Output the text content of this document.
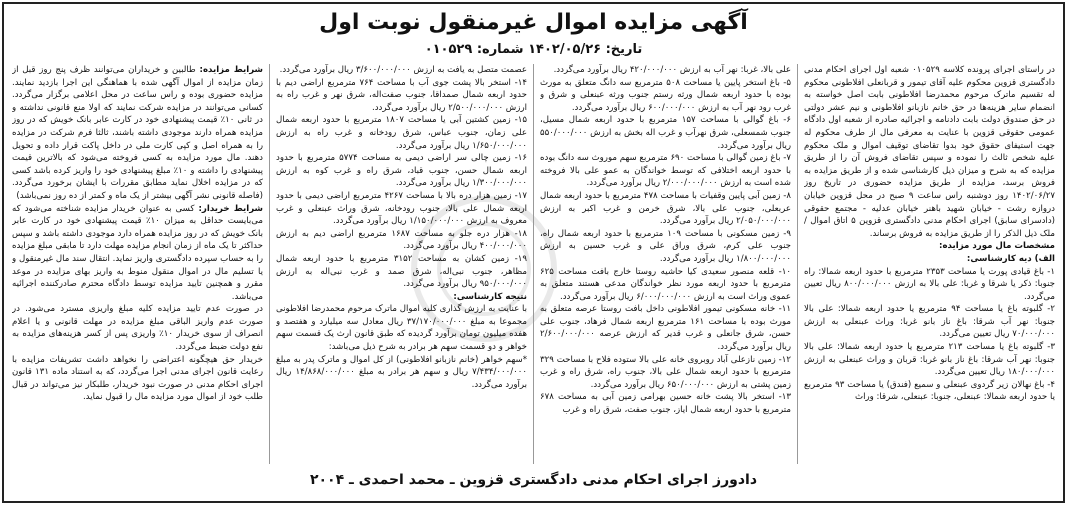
آگهی مزایده اموال غیرمنقول نوبت اول
تاریخ: ۱۴۰۲/۰۵/۲۶ شماره: ۰۱۰۵۲۹

در راستای اجرای پرونده کلاسه ۰۱۰۵۲۹ شعبه اول اجرای احکام مدنی دادگستری قزوین محکوم علیه آقای تیمور و قربانعلی افلاطونی محکوم له تقسیم ماترک مرحوم محمدرضا افلاطونی بابت اصل خواسته به انضمام سایر هزینه‌ها در حق خانم نازبانو افلاطونی و نیم عشر دولتی در حق صندوق دولت بابت دادنامه و اجرائیه صادره از شعبه اول دادگاه عمومی حقوقی قزوین با عنایت به معرفی مال از طرف محکوم له جهت استیفای حقوق خود بدوا تقاضای توقیف اموال و ملک محکوم علیه شخص ثالث را نموده و سپس تقاضای فروش آن را از طریق مزایده که به شرح و میزان ذیل کارشناسی شده و از طریق مزایده به فروش برسد، مزایده از طریق مزایده حضوری در تاریخ روز ۱۴۰۲/۰۶/۲۷ روز دوشنبه راس ساعت ۹ صبح در محل قزوین خیابان دروازه رشت - خیابان شهید باهنر خیابان عدلیه - مجتمع حقوقی (دادسرای سابق) اجرای احکام مدنی دادگستری قزوین ۵ اتاق اموال / ملک ذیل الذکر را از طریق مزایده به فروش برساند.

مشخصات مال مورد مزایده:

الف) دیه کارشناسی:

۱- باغ قیادی پورت یا مساحت ۲۳۵۳ مترمربع با حدود اربعه شمالا: راه جنوبا: ذکر یا شرقا و غربا: علی بالا به ارزش ۸۰۰/۰۰۰/۰۰۰ ریال تعیین می‌گردد.

۲- گلبوته باغ یا مساحت ۹۴ مترمربع یا حدود اربعه شمالا: علی بالا جنوبا: نهر آب شرقا: باغ ناز بانو غربا: وراث عبنعلی به ارزش ۷۰/۰۰۰/۰۰۰ ریال تعیین می‌گردد.

۳- گلبوته باغ یا مساحت ۲۱۳ مترمربع یا حدود اربعه شمالا: علی بالا جنوبا: نهر آب شرقا: باغ ناز بانو غربا: قربان و وراث عبنعلی به ارزش ۱۸۰/۰۰۰/۰۰۰ ریال تعیین می‌گردد.

۴- باغ نهالان زیر گردوی عبنعلی و سمیع (فندق) یا مساحت ۹۳ مترمربع یا حدود اربعه شمالا: عبنعلی، جنوبا: عبنعلی، شرقا: وراث

علی بالا، غربا: نهر آب به ارزش ۴۲۰/۰۰۰/۰۰۰ ریال برآورد می‌گردد.

۵- باغ استخر پایین یا مساحت ۵۰۸ مترمربع سه دانگ متعلق به مورث بوده با حدود اربعه شمال ورثه رستم جنوب ورثه عبنعلی و شرق و غرب رود نهر آب به ارزش ۶۰۰/۰۰۰/۰۰۰ ریال برآورد می‌گردد.

۶- باغ گوالی با مساحت ۱۵۷ مترمربع با حدود اربعه شمال مسیل، جنوب شمسعلی، شرق نهرآب و غرب اله بخش به ارزش ۵۵۰/۰۰۰/۰۰۰ ریال برآورد می‌گردد.

۷- باغ زمین گوالی با مساحت ۶۹۰ مترمربع سهم موروث سه دانگ بوده با حدود اربعه اختلافی که توسط خواندگان به عمو علی بالا فروخته شده است به ارزش ۲/۰۰۰/۰۰۰/۰۰۰ ریال برآورد می‌گردد.

۸- زمین آبی پایین وقفیات با مساحت ۴۷۸ مترمربع با حدود اربعه شمال عربعلی، جنوب علی بالا، شرق خرمن و غرب اکبر به ارزش ۲/۰۵۰/۰۰۰/۰۰۰ ریال برآورد می‌گردد.

۹- زمین مسکونی با مساحت ۱۰۹ مترمربع با حدود اربعه شمال راه، جنوب علی کرم، شرق وراق علی و غرب حسین به ارزش ۱/۸۰۰/۰۰۰/۰۰۰ ریال برآورد می‌گردد.

۱۰- قلعه منصور سعیدی کیا حاشیه روستا خارج بافت مساحت ۶۲۵ مترمربع با حدود اربعه مورد نظر خواندگان مدعی هستند متعلق به عموی وراث است به ارزش ۶/۰۰۰/۰۰۰/۰۰۰ ریال برآورد می‌گردد.

۱۱- خانه مسکونی تیمور افلاطونی داخل بافت روستا عرصه متعلق به مورث بوده با مساحت ۱۶۱ مترمربع اربعه شمال فرهاد، جنوب علی حسن، شرق جانعلی و غرب قدیر که ارزش عرصه ۲/۶۰۰/۰۰۰/۰۰۰ ریال برآورد می‌گردد.

۱۲- زمین نازعلی آباد روبروی خانه علی بالا ستوده فلاح با مساحت ۳۲۹ مترمربع با حدود اربعه شمال علی بالا، جنوب راه، شرق راه و غرب زمین پشتی به ارزش ۶۵۰/۰۰۰/۰۰۰ ریال برآورد می‌گردد.

۱۳- استخر بالا پشت خانه حسین بهرامی زمین آبی به مساحت ۶۷۸ مترمربع با حدود اربعه شمال ایاز، جنوب صفت، شرق راه و غرب

عصمت متصل به یافت به ارزش ۳/۶۰۰/۰۰۰/۰۰۰ ریال برآورد می‌گردد.

۱۴- استخر بالا پشت جوی آب با مساحت ۷۶۴ مترمربع اراضی دیم با حدود اربعه شمال صمداقا، جنوب صفت‌اله، شرق نهر و غرب راه به ارزش ۲/۵۰۰/۰۰۰/۰۰۰ ریال برآورد می‌گردد.

۱۵- زمین کشتین آبی یا مساحت ۱۸۰۷ مترمربع با حدود اربعه شمال علی زمان، جنوب عباس، شرق رودخانه و غرب راه به ارزش ۱/۶۵۰/۰۰۰/۰۰۰ ریال برآورد می‌گردد.

۱۶- زمین چالی سر اراضی دیمی به مساحت ۵۷۷۴ مترمربع با حدود اربعه شمال حسن، جنوب قباد، شرق راه و غرب کوه به ارزش ۱/۳۰۰/۰۰۰/۰۰۰ ریال برآورد می‌گردد.

۱۷- زمین هزار دره بالا با مساحت ۴۲۶۷ مترمربع اراضی دیمی با حدود اربعه شمال علی بالا، جنوب رودخانه، شرق وراث عبنعلی و غرب معروف به ارزش ۱/۱۵۰/۰۰۰/۰۰۰ ریال برآورد می‌گردد.

۱۸- هزار دره جلو به مساحت ۱۶۸۷ مترمربع اراضی دیم به ارزش ۴۰۰/۰۰۰/۰۰۰ ریال برآورد می‌گردد.

۱۹- زمین کشان به مساحت ۳۱۵۲ مترمربع با حدود اربعه شمال مظاهر، جنوب نبی‌اله، شرق صمد و غرب نبی‌اله به ارزش ۹۵۰/۰۰۰/۰۰۰ ریال برآورد می‌گردد.

نتیجه کارشناسی:

با عنایت به ارزش گذاری کلیه اموال ماترک مرحوم محمدرضا افلاطونی مجموعا به مبلغ ۳۷/۱۷۰/۰۰۰/۰۰۰ ریال معادل سه میلیارد و هفتصد و هفده میلیون تومان برآورد گردیده که طبق قانون ارث یک قسمت سهم خواهر و دو قسمت سهم هر برادر به شرح ذیل می‌باشد:

*سهم خواهر (خانم نازبانو افلاطونی) از کل اموال و ماترک پدر به مبلغ ۷/۴۳۴/۰۰۰/۰۰۰ ریال و سهم هر برادر به مبلغ ۱۴/۸۶۸/۰۰۰/۰۰۰ ریال برآورد می‌گردد.

شرایط مزایده: طالبین و خریداران می‌توانند ظرف پنج روز قبل از زمان مزایده از اموال آگهی شده با هماهنگی این اجرا بازدید نمایند. مزایده حضوری بوده و راس ساعت در محل اعلامی برگزار می‌گردد. کسانی می‌توانند در مزایده شرکت نمایند که اولا منع قانونی نداشته و در ثانی ۱۰٪ قیمت پیشنهادی خود در کارت عابر بانک خویش که در روز مزایده همراه دارند موجودی داشته باشند، ثالثا فرم شرکت در مزایده را به همراه اصل و کپی کارت ملی در داخل پاکت قرار داده و تحویل دهند. مال مورد مزایده به کسی فروخته می‌شود که بالاترین قیمت پیشنهادی را داشته و ۱۰٪ مبلغ پیشنهادی خود را واریز کرده باشد کسی که در مزایده اخلال نماید مطابق مقررات با ایشان برخورد می‌گردد. (فاصله قانونی نشر آگهی بیشتر از یک ماه و کمتر از ده روز نمی‌باشد)

شرایط خریدار: کسی به عنوان خریدار مزایده شناخته می‌شود که می‌بایست حداقل به میزان ۱۰٪ قیمت پیشنهادی خود در کارت عابر بانک خویش که در روز مزایده همراه دارد موجودی داشته باشد و سپس حداکثر تا یک ماه از زمان انجام مزایده مهلت دارد تا مابقی مبلغ مزایده را به حساب سپرده دادگستری واریز نماید. انتقال سند مال غیرمنقول و یا تسلیم مال در اموال منقول منوط به واریز بهای مزایده در موعد مقرر و همچنین تایید مزایده توسط دادگاه محترم صادرکننده اجرائیه می‌باشد.

در صورت عدم تایید مزایده کلیه مبلغ واریزی مسترد می‌شود. در صورت عدم واریز الباقی مبلغ مزایده در مهلت قانونی و یا اعلام انصراف از سوی خریدار ۱۰٪ واریزی پس از کسر هزینه‌های مزایده به نفع دولت ضبط می‌گردد.

خریدار حق هیچگونه اعتراضی را نخواهد داشت تشریفات مزایده با رعایت قانون اجرای مدنی اجرا می‌گردد، که به استناد ماده ۱۳۱ قانون اجرای احکام مدنی در صورت نبود خریدار، طلبکار نیز می‌تواند در قبال طلب خود از اموال مورد مزایده مال را قبول نماید.

دادورز اجرای احکام مدنی دادگستری قزوین ـ محمد احمدی ـ ۲۰۰۴
